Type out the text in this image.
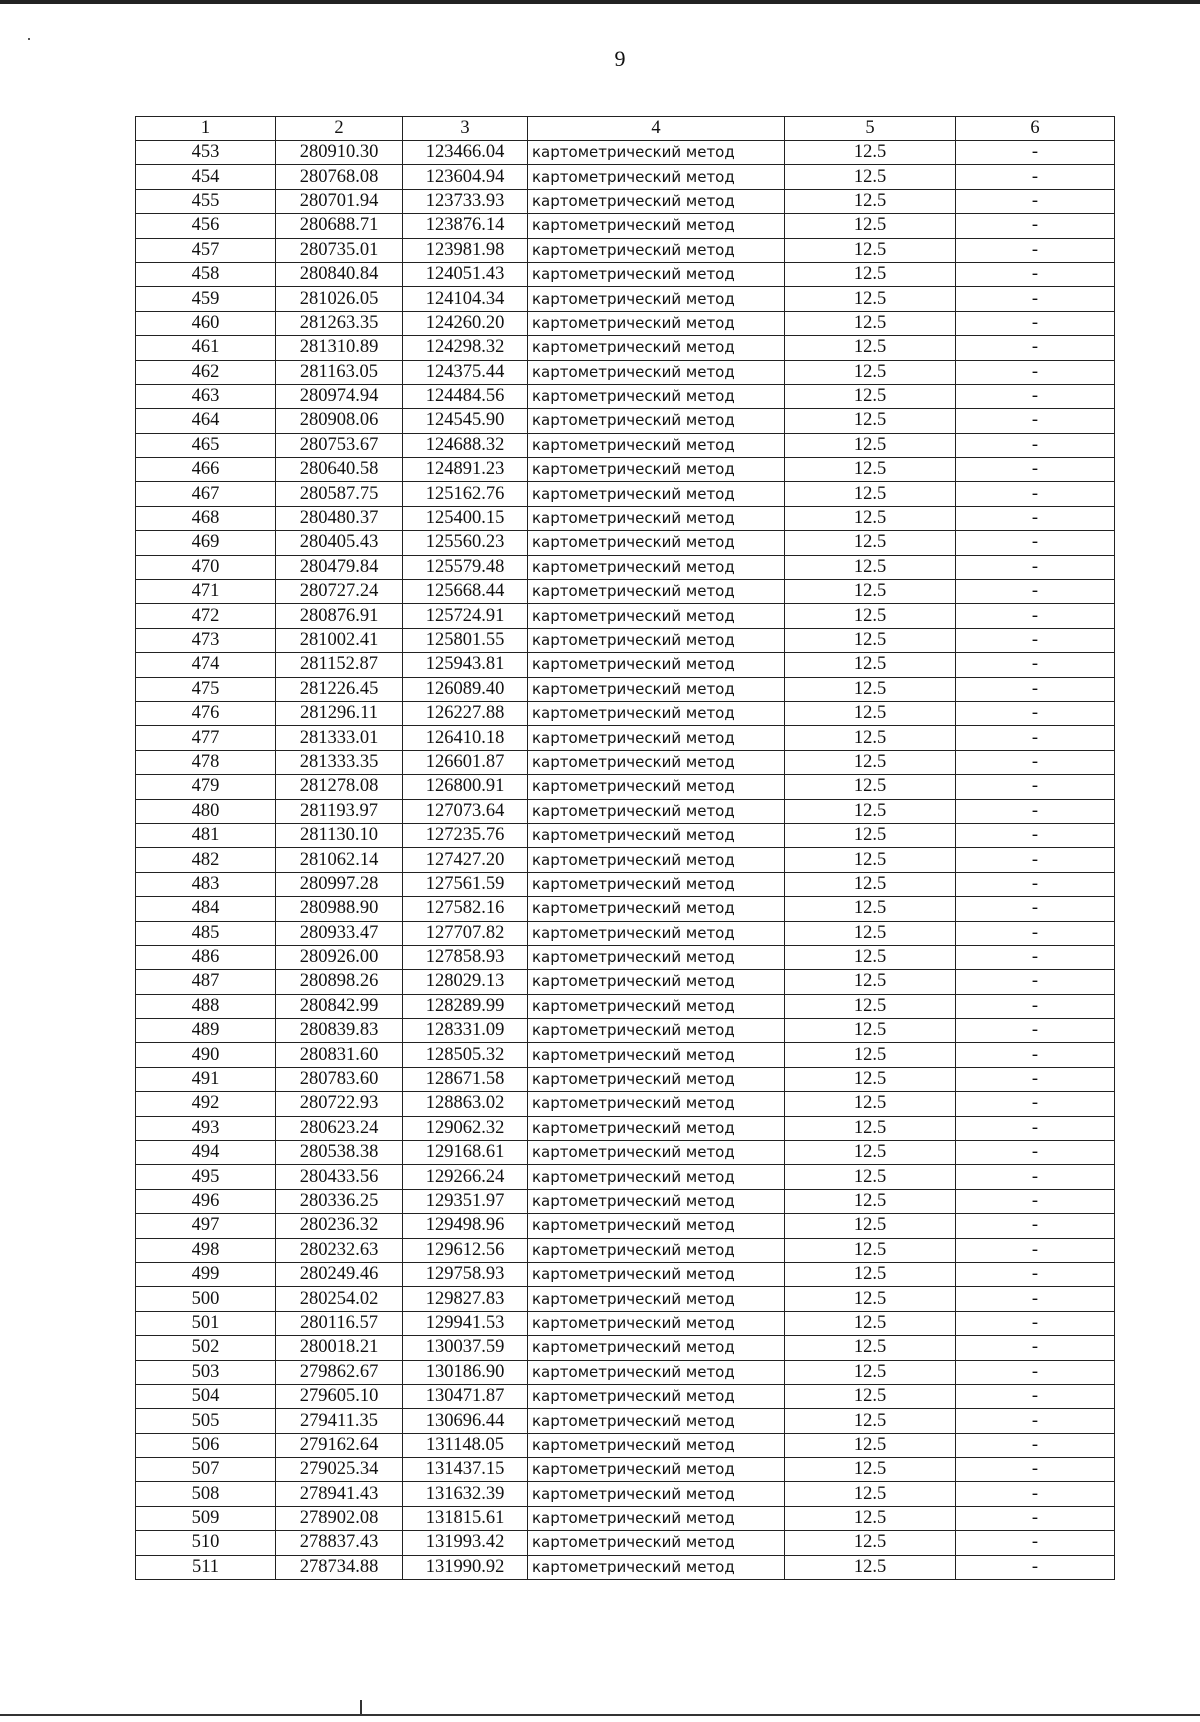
9
1	2	3	4	5	6
453	280910.30	123466.04	картометрический метод	12.5	-
454	280768.08	123604.94	картометрический метод	12.5	-
455	280701.94	123733.93	картометрический метод	12.5	-
456	280688.71	123876.14	картометрический метод	12.5	-
457	280735.01	123981.98	картометрический метод	12.5	-
458	280840.84	124051.43	картометрический метод	12.5	-
459	281026.05	124104.34	картометрический метод	12.5	-
460	281263.35	124260.20	картометрический метод	12.5	-
461	281310.89	124298.32	картометрический метод	12.5	-
462	281163.05	124375.44	картометрический метод	12.5	-
463	280974.94	124484.56	картометрический метод	12.5	-
464	280908.06	124545.90	картометрический метод	12.5	-
465	280753.67	124688.32	картометрический метод	12.5	-
466	280640.58	124891.23	картометрический метод	12.5	-
467	280587.75	125162.76	картометрический метод	12.5	-
468	280480.37	125400.15	картометрический метод	12.5	-
469	280405.43	125560.23	картометрический метод	12.5	-
470	280479.84	125579.48	картометрический метод	12.5	-
471	280727.24	125668.44	картометрический метод	12.5	-
472	280876.91	125724.91	картометрический метод	12.5	-
473	281002.41	125801.55	картометрический метод	12.5	-
474	281152.87	125943.81	картометрический метод	12.5	-
475	281226.45	126089.40	картометрический метод	12.5	-
476	281296.11	126227.88	картометрический метод	12.5	-
477	281333.01	126410.18	картометрический метод	12.5	-
478	281333.35	126601.87	картометрический метод	12.5	-
479	281278.08	126800.91	картометрический метод	12.5	-
480	281193.97	127073.64	картометрический метод	12.5	-
481	281130.10	127235.76	картометрический метод	12.5	-
482	281062.14	127427.20	картометрический метод	12.5	-
483	280997.28	127561.59	картометрический метод	12.5	-
484	280988.90	127582.16	картометрический метод	12.5	-
485	280933.47	127707.82	картометрический метод	12.5	-
486	280926.00	127858.93	картометрический метод	12.5	-
487	280898.26	128029.13	картометрический метод	12.5	-
488	280842.99	128289.99	картометрический метод	12.5	-
489	280839.83	128331.09	картометрический метод	12.5	-
490	280831.60	128505.32	картометрический метод	12.5	-
491	280783.60	128671.58	картометрический метод	12.5	-
492	280722.93	128863.02	картометрический метод	12.5	-
493	280623.24	129062.32	картометрический метод	12.5	-
494	280538.38	129168.61	картометрический метод	12.5	-
495	280433.56	129266.24	картометрический метод	12.5	-
496	280336.25	129351.97	картометрический метод	12.5	-
497	280236.32	129498.96	картометрический метод	12.5	-
498	280232.63	129612.56	картометрический метод	12.5	-
499	280249.46	129758.93	картометрический метод	12.5	-
500	280254.02	129827.83	картометрический метод	12.5	-
501	280116.57	129941.53	картометрический метод	12.5	-
502	280018.21	130037.59	картометрический метод	12.5	-
503	279862.67	130186.90	картометрический метод	12.5	-
504	279605.10	130471.87	картометрический метод	12.5	-
505	279411.35	130696.44	картометрический метод	12.5	-
506	279162.64	131148.05	картометрический метод	12.5	-
507	279025.34	131437.15	картометрический метод	12.5	-
508	278941.43	131632.39	картометрический метод	12.5	-
509	278902.08	131815.61	картометрический метод	12.5	-
510	278837.43	131993.42	картометрический метод	12.5	-
511	278734.88	131990.92	картометрический метод	12.5	-
